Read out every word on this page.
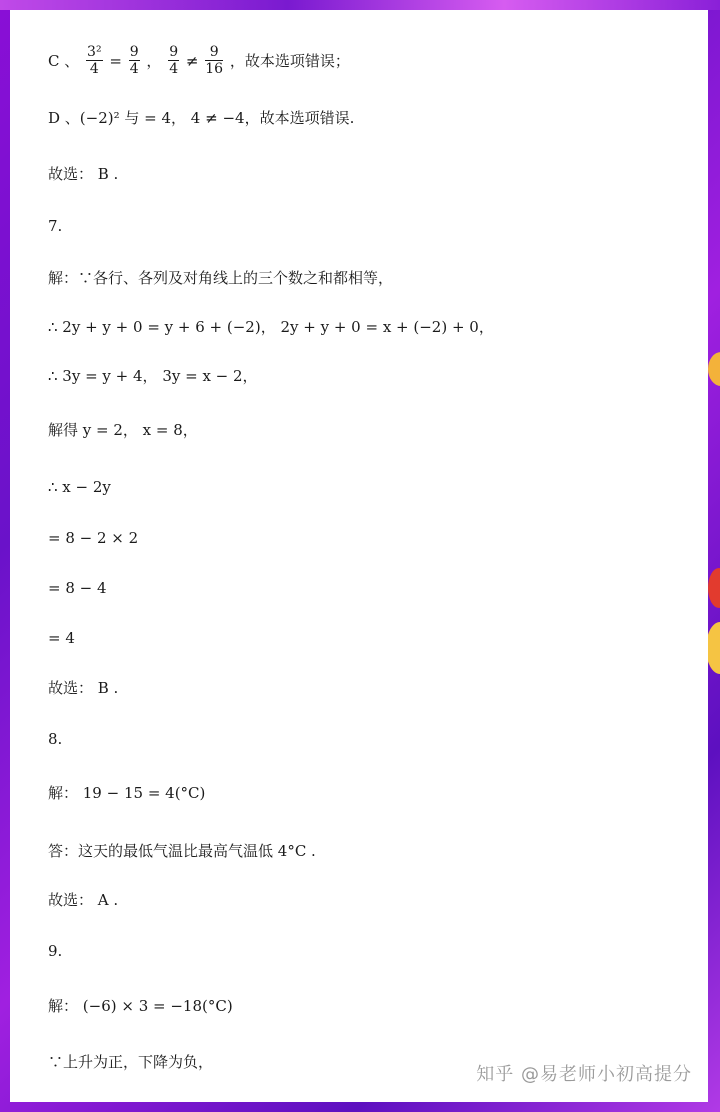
C 、 $\frac{\text{3²}}{4} = \frac{9}{4}$ ， $\frac{9}{4} \ne \frac{9}{16}$ ，故本选项错误；
D 、(−2)² 与 = 4， 4 ≠ −4，故本选项错误.
故选： B .
7.
解：∵各行、各列及对角线上的三个数之和都相等，
∴ 2y + y + 0 = y + 6 + (−2)， 2y + y + 0 = x + (−2) + 0，
∴ 3y = y + 4， 3y = x − 2，
解得 y = 2， x = 8，
∴ x − 2y
= 8 − 2 × 2
= 8 − 4
= 4
故选： B .
8.
解： 19 − 15 = 4(°C)
答：这天的最低气温比最高气温低 4°C .
故选： A .
9.
解： (−6) × 3 = −18(°C)
∵上升为正，下降为负，
知乎 @易老师小初高提分
